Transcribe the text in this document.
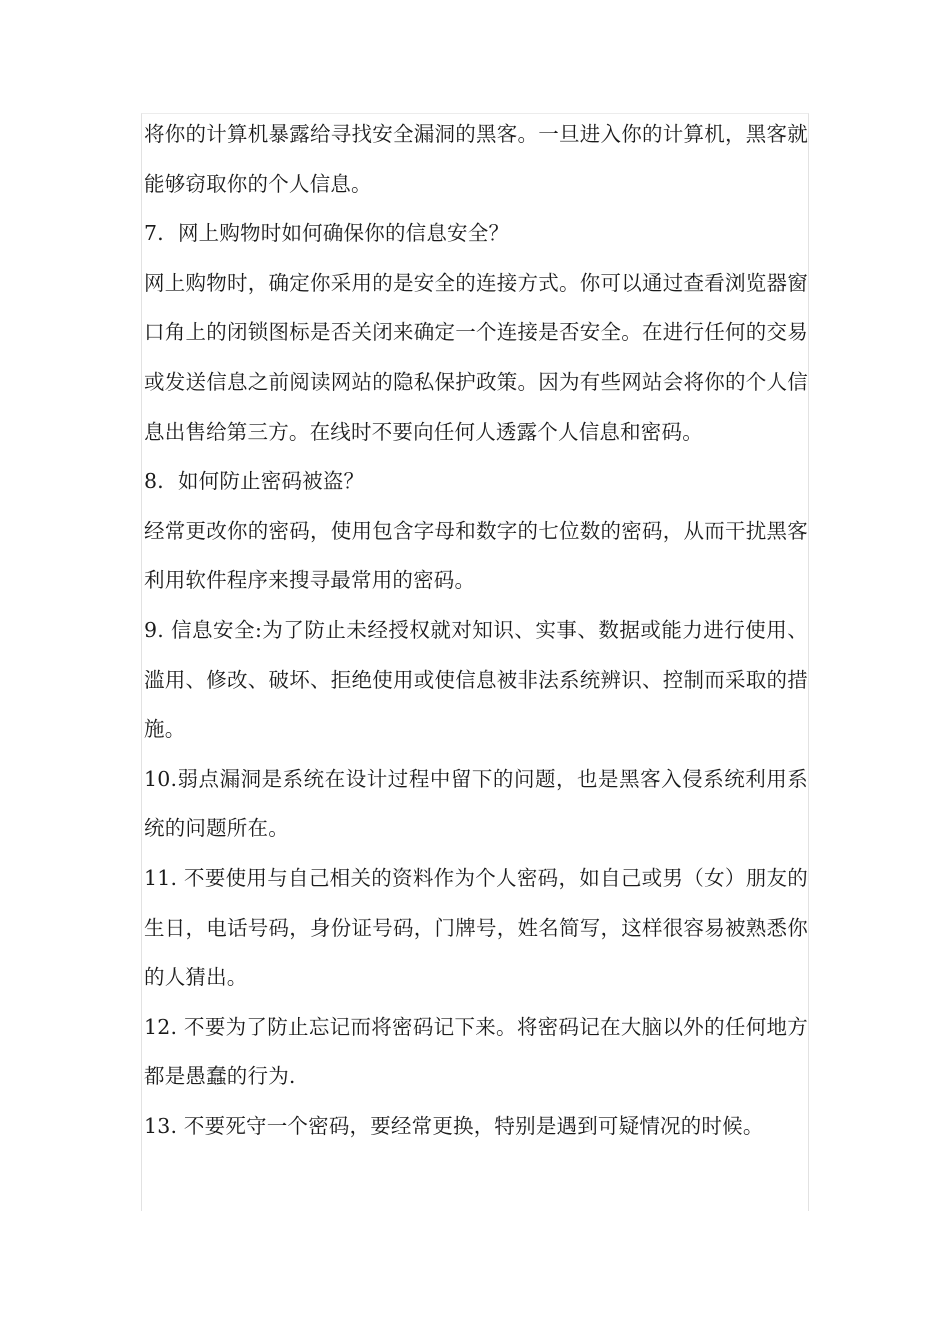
将你的计算机暴露给寻找安全漏洞的黑客。一旦进入你的计算机，黑客就能够窃取你的个人信息。

7．网上购物时如何确保你的信息安全？

网上购物时，确定你采用的是安全的连接方式。你可以通过查看浏览器窗口角上的闭锁图标是否关闭来确定一个连接是否安全。在进行任何的交易或发送信息之前阅读网站的隐私保护政策。因为有些网站会将你的个人信息出售给第三方。在线时不要向任何人透露个人信息和密码。

8．如何防止密码被盗？

经常更改你的密码，使用包含字母和数字的七位数的密码，从而干扰黑客利用软件程序来搜寻最常用的密码。

9. 信息安全:为了防止未经授权就对知识、实事、数据或能力进行使用、滥用、修改、破坏、拒绝使用或使信息被非法系统辨识、控制而采取的措施。

10.弱点漏洞是系统在设计过程中留下的问题，也是黑客入侵系统利用系统的问题所在。

11. 不要使用与自己相关的资料作为个人密码，如自己或男（女）朋友的生日，电话号码，身份证号码，门牌号，姓名简写，这样很容易被熟悉你的人猜出。

12. 不要为了防止忘记而将密码记下来。将密码记在大脑以外的任何地方都是愚蠢的行为.

13. 不要死守一个密码，要经常更换，特别是遇到可疑情况的时候。
